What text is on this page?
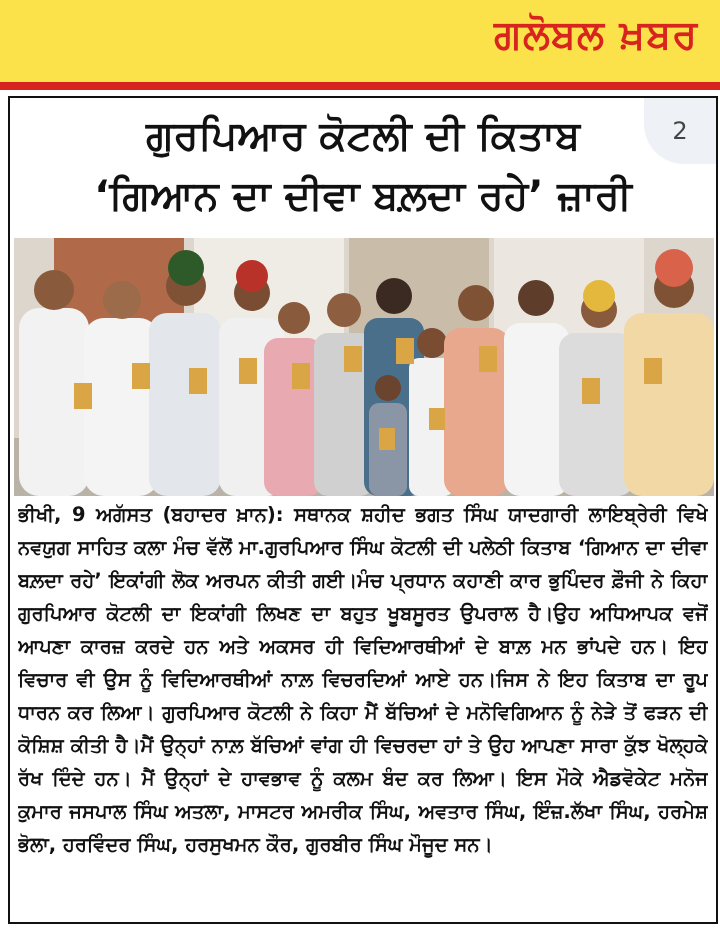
ਗਲੋਬਲ ਖ਼ਬਰ
2
ਗੁਰਪਿਆਰ ਕੋਟਲੀ ਦੀ ਕਿਤਾਬ
‘ਗਿਆਨ ਦਾ ਦੀਵਾ ਬਲ਼ਦਾ ਰਹੇ’ ਜ਼ਾਰੀ
ਭੀਖੀ, 9 ਅਗੱਸਤ (ਬਹਾਦਰ ਖ਼ਾਨ): ਸਥਾਨਕ ਸ਼ਹੀਦ ਭਗਤ ਸਿੰਘ ਯਾਦਗਾਰੀ ਲਾਇਬ੍ਰੇਰੀ ਵਿਖੇ ਨਵਯੁਗ ਸਾਹਿਤ ਕਲਾ ਮੰਚ ਵੱਲੋਂ ਮਾ.ਗੁਰਪਿਆਰ ਸਿੰਘ ਕੋਟਲੀ ਦੀ ਪਲੇਠੀ ਕਿਤਾਬ ‘ਗਿਆਨ ਦਾ ਦੀਵਾ ਬਲ਼ਦਾ ਰਹੇ’ ਇਕਾਂਗੀ ਲੋਕ ਅਰਪਨ ਕੀਤੀ ਗਈ।ਮੰਚ ਪ੍ਰਧਾਨ ਕਹਾਣੀ ਕਾਰ ਭੁਪਿੰਦਰ ਫ਼ੌਜੀ ਨੇ ਕਿਹਾ ਗੁਰਪਿਆਰ ਕੋਟਲੀ ਦਾ ਇਕਾਂਗੀ ਲਿਖਣ ਦਾ ਬਹੁਤ ਖੂਬਸੂਰਤ ਉਪਰਾਲ ਹੈ।ਉਹ ਅਧਿਆਪਕ ਵਜੋਂ ਆਪਣਾ ਕਾਰਜ਼ ਕਰਦੇ ਹਨ ਅਤੇ ਅਕਸਰ ਹੀ ਵਿਦਿਆਰਥੀਆਂ ਦੇ ਬਾਲ਼ ਮਨ ਭਾਂਪਦੇ ਹਨ। ਇਹ ਵਿਚਾਰ ਵੀ ਉਸ ਨੂੰ ਵਿਦਿਆਰਥੀਆਂ ਨਾਲ਼ ਵਿਚਰਦਿਆਂ ਆਏ ਹਨ।ਜਿਸ ਨੇ ਇਹ ਕਿਤਾਬ ਦਾ ਰੂਪ ਧਾਰਨ ਕਰ ਲਿਆ। ਗੁਰਪਿਆਰ ਕੋਟਲੀ ਨੇ ਕਿਹਾ ਮੈਂ ਬੱਚਿਆਂ ਦੇ ਮਨੋਵਿਗਿਆਨ ਨੂੰ ਨੇੜੇ ਤੋਂ ਫੜਨ ਦੀ ਕੋਸ਼ਿਸ਼ ਕੀਤੀ ਹੈ।ਮੈਂ ਉਨ੍ਹਾਂ ਨਾਲ਼ ਬੱਚਿਆਂ ਵਾਂਗ ਹੀ ਵਿਚਰਦਾ ਹਾਂ ਤੇ ਉਹ ਆਪਣਾ ਸਾਰਾ ਕੁੱਝ ਖੋਲ੍ਹਕੇ ਰੱਖ ਦਿੰਦੇ ਹਨ। ਮੈਂ ਉਨ੍ਹਾਂ ਦੇ ਹਾਵਭਾਵ ਨੂੰ ਕਲਮ ਬੰਦ ਕਰ ਲਿਆ। ਇਸ ਮੌਕੇ ਐਡਵੋਕੇਟ ਮਨੋਜ ਕੁਮਾਰ ਜਸਪਾਲ ਸਿੰਘ ਅਤਲਾ, ਮਾਸਟਰ ਅਮਰੀਕ ਸਿੰਘ, ਅਵਤਾਰ ਸਿੰਘ, ਇੰਜ਼.ਲੱਖਾ ਸਿੰਘ, ਹਰਮੇਸ਼ ਭੋਲਾ, ਹਰਵਿੰਦਰ ਸਿੰਘ, ਹਰਸੁਖਮਨ ਕੌਰ, ਗੁਰਬੀਰ ਸਿੰਘ ਮੌਜੂਦ ਸਨ।
